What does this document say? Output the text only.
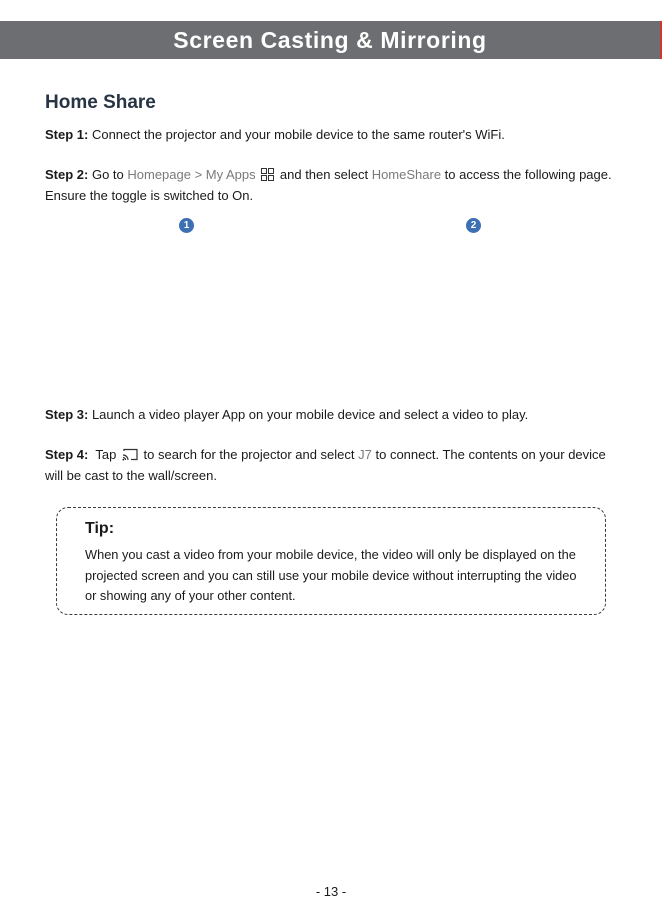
Screen Casting & Mirroring
Home Share
Step 1: Connect the projector and your mobile device to the same router's WiFi.
Step 2: Go to Homepage > My Apps  and then select HomeShare to access the following page. Ensure the toggle is switched to On.
1	2
Step 3: Launch a video player App on your mobile device and select a video to play.
Step 4:  Tap  to search for the projector and select J7 to connect. The contents on your device will be cast to the wall/screen.
Tip:
When you cast a video from your mobile device, the video will only be displayed on the projected screen and you can still use your mobile device without interrupting the video or showing any of your other content.
- 13 -
